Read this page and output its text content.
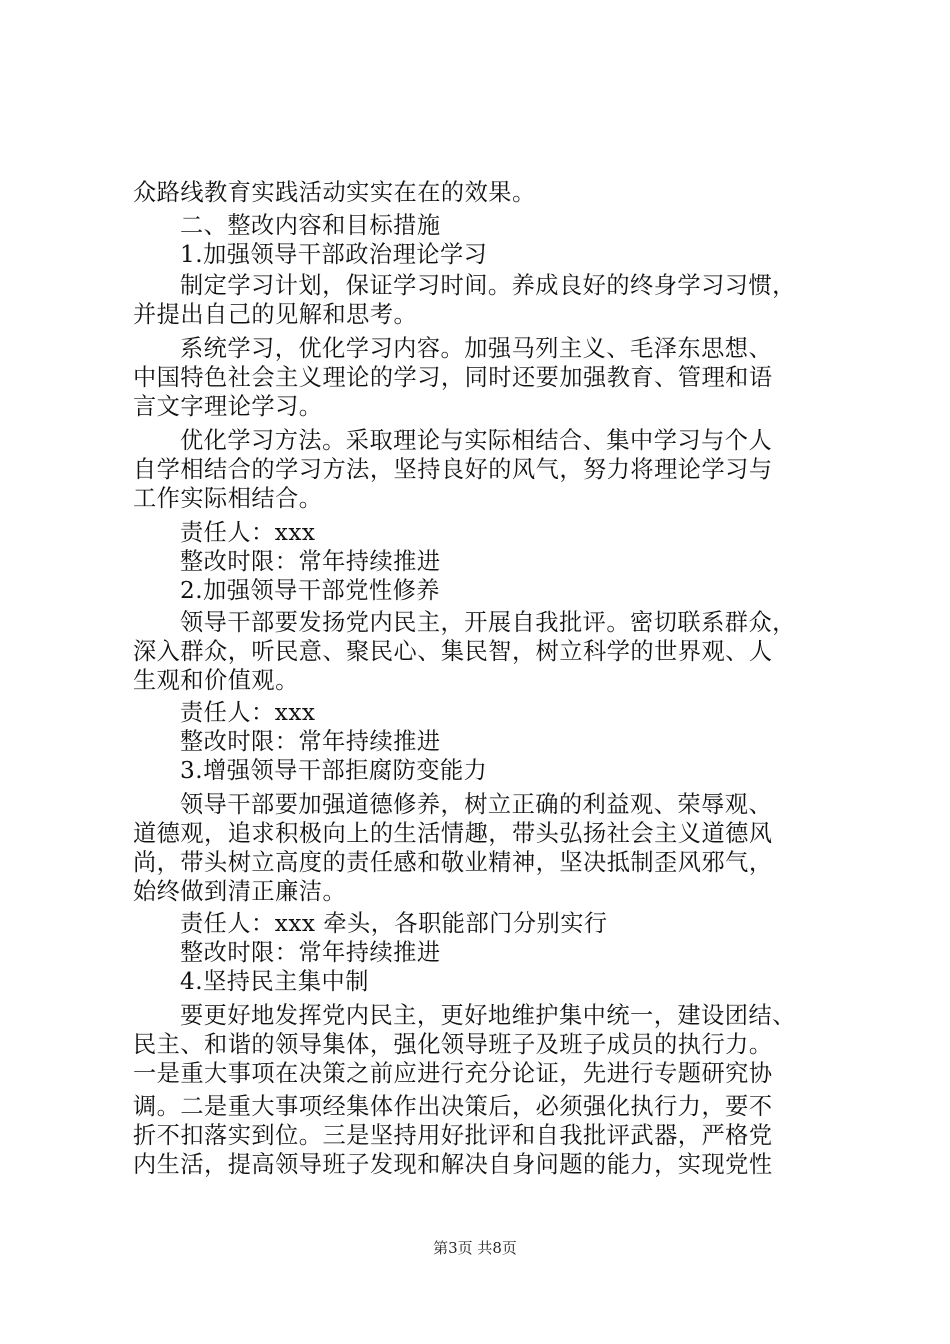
众路线教育实践活动实实在在的效果。
二、整改内容和目标措施
1.加强领导干部政治理论学习
制定学习计划，保证学习时间。养成良好的终身学习习惯，
并提出自己的见解和思考。
系统学习，优化学习内容。加强马列主义、毛泽东思想、
中国特色社会主义理论的学习，同时还要加强教育、管理和语
言文字理论学习。
优化学习方法。采取理论与实际相结合、集中学习与个人
自学相结合的学习方法，坚持良好的风气，努力将理论学习与
工作实际相结合。
责任人：xxx
整改时限：常年持续推进
2.加强领导干部党性修养
领导干部要发扬党内民主，开展自我批评。密切联系群众，
深入群众，听民意、聚民心、集民智，树立科学的世界观、人
生观和价值观。
责任人：xxx
整改时限：常年持续推进
3.增强领导干部拒腐防变能力
领导干部要加强道德修养，树立正确的利益观、荣辱观、
道德观，追求积极向上的生活情趣，带头弘扬社会主义道德风
尚，带头树立高度的责任感和敬业精神，坚决抵制歪风邪气，
始终做到清正廉洁。
责任人：xxx 牵头，各职能部门分别实行
整改时限：常年持续推进
4.坚持民主集中制
要更好地发挥党内民主，更好地维护集中统一，建设团结、
民主、和谐的领导集体，强化领导班子及班子成员的执行力。
一是重大事项在决策之前应进行充分论证，先进行专题研究协
调。二是重大事项经集体作出决策后，必须强化执行力，要不
折不扣落实到位。三是坚持用好批评和自我批评武器，严格党
内生活，提高领导班子发现和解决自身问题的能力，实现党性
第3页 共8页
